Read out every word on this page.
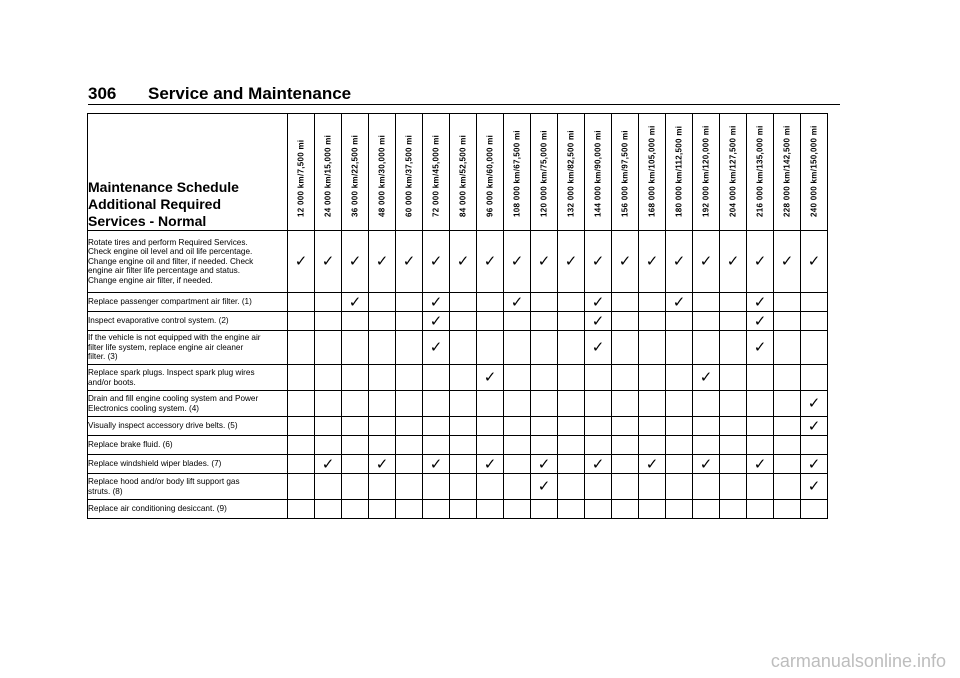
306 Service and Maintenance
Maintenance Schedule
Additional Required
Services - Normal	12 000 km/7,500 mi	24 000 km/15,000 mi	36 000 km/22,500 mi	48 000 km/30,000 mi	60 000 km/37,500 mi	72 000 km/45,000 mi	84 000 km/52,500 mi	96 000 km/60,000 mi	108 000 km/67,500 mi	120 000 km/75,000 mi	132 000 km/82,500 mi	144 000 km/90,000 mi	156 000 km/97,500 mi	168 000 km/105,000 mi	180 000 km/112,500 mi	192 000 km/120,000 mi	204 000 km/127,500 mi	216 000 km/135,000 mi	228 000 km/142,500 mi	240 000 km/150,000 mi

Rotate tires and perform Required Services.
Check engine oil level and oil life percentage.
Change engine oil and filter, if needed. Check
engine air filter life percentage and status.
Change engine air filter, if needed.	✓	✓	✓	✓	✓	✓	✓	✓	✓	✓	✓	✓	✓	✓	✓	✓	✓	✓	✓	✓

Replace passenger compartment air filter. (1)			✓			✓			✓			✓			✓			✓		

Inspect evaporative control system. (2)						✓						✓						✓		

If the vehicle is not equipped with the engine air
filter life system, replace engine air cleaner
filter. (3)						✓						✓						✓		

Replace spark plugs. Inspect spark plug wires
and/or boots.								✓								✓				

Drain and fill engine cooling system and Power
Electronics cooling system. (4)																				✓

Visually inspect accessory drive belts. (5)																				✓

Replace brake fluid. (6)																				

Replace windshield wiper blades. (7)		✓		✓		✓		✓		✓		✓		✓		✓		✓		✓

Replace hood and/or body lift support gas
struts. (8)										✓										✓

Replace air conditioning desiccant. (9)																				

carmanualsonline.info
